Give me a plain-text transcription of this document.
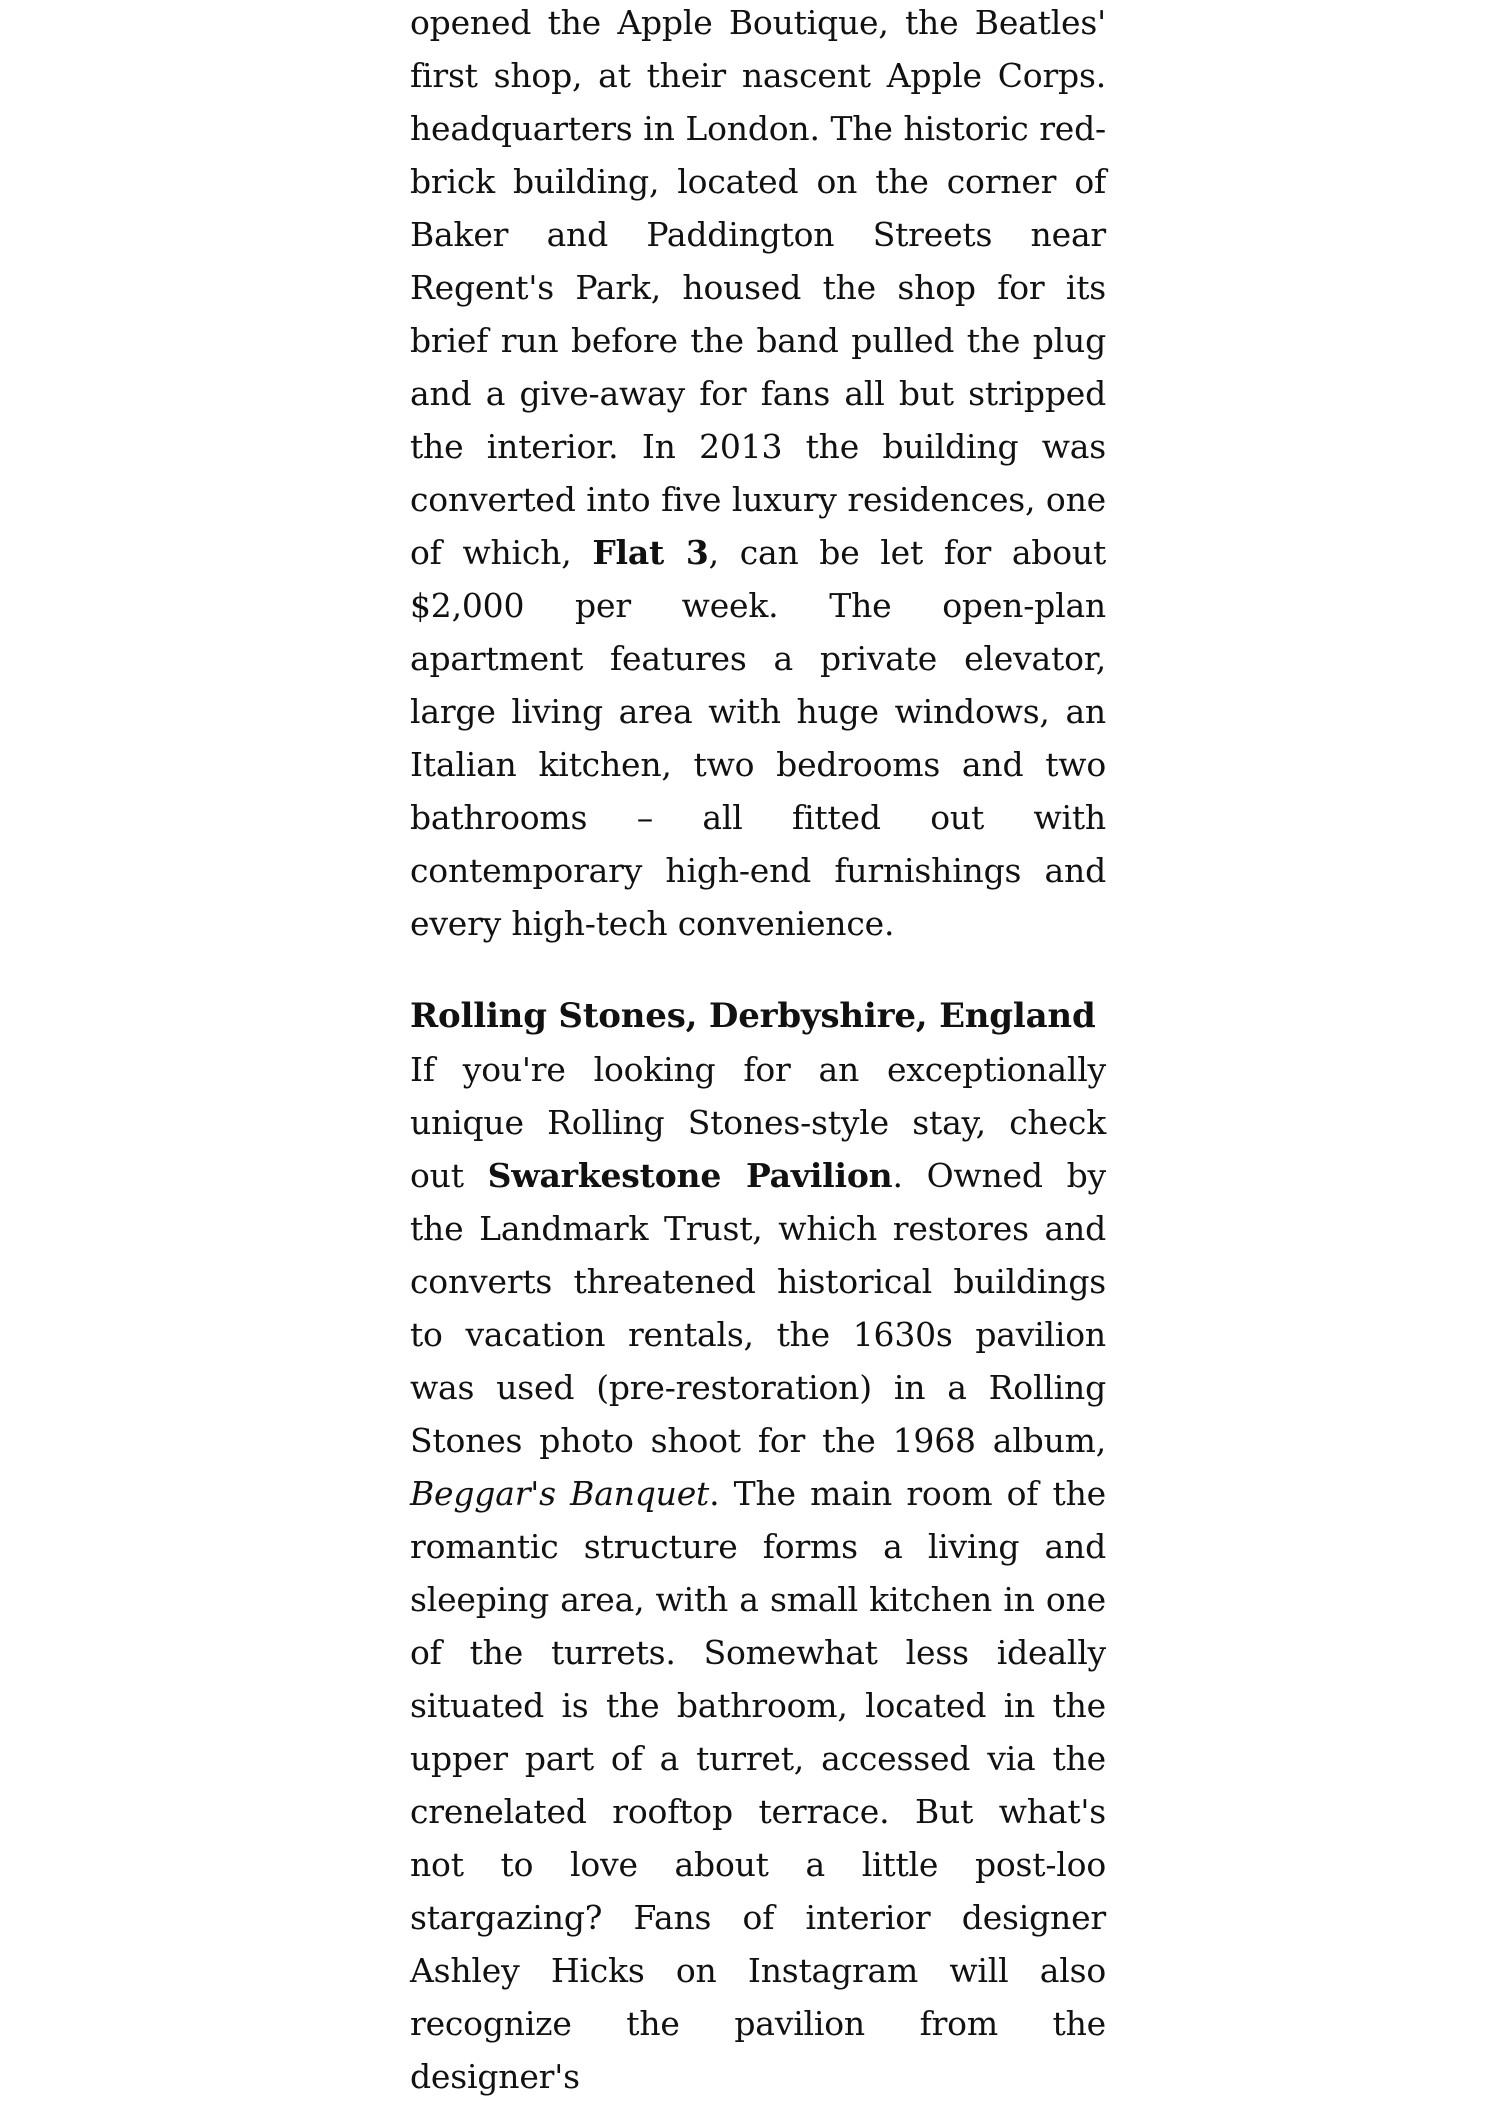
opened the Apple Boutique, the Beatles' first shop, at their nascent Apple Corps. headquarters in London. The historic red-brick building, located on the corner of Baker and Paddington Streets near Regent's Park, housed the shop for its brief run before the band pulled the plug and a give-away for fans all but stripped the interior. In 2013 the building was converted into five luxury residences, one of which, Flat 3, can be let for about $2,000 per week. The open-plan apartment features a private elevator, large living area with huge windows, an Italian kitchen, two bedrooms and two bathrooms – all fitted out with contemporary high-end furnishings and every high-tech convenience.

Rolling Stones, Derbyshire, England

If you're looking for an exceptionally unique Rolling Stones-style stay, check out Swarkestone Pavilion. Owned by the Landmark Trust, which restores and converts threatened historical buildings to vacation rentals, the 1630s pavilion was used (pre-restoration) in a Rolling Stones photo shoot for the 1968 album, Beggar's Banquet. The main room of the romantic structure forms a living and sleeping area, with a small kitchen in one of the turrets. Somewhat less ideally situated is the bathroom, located in the upper part of a turret, accessed via the crenelated rooftop terrace. But what's not to love about a little post-loo stargazing? Fans of interior designer Ashley Hicks on Instagram will also recognize the pavilion from the designer's
